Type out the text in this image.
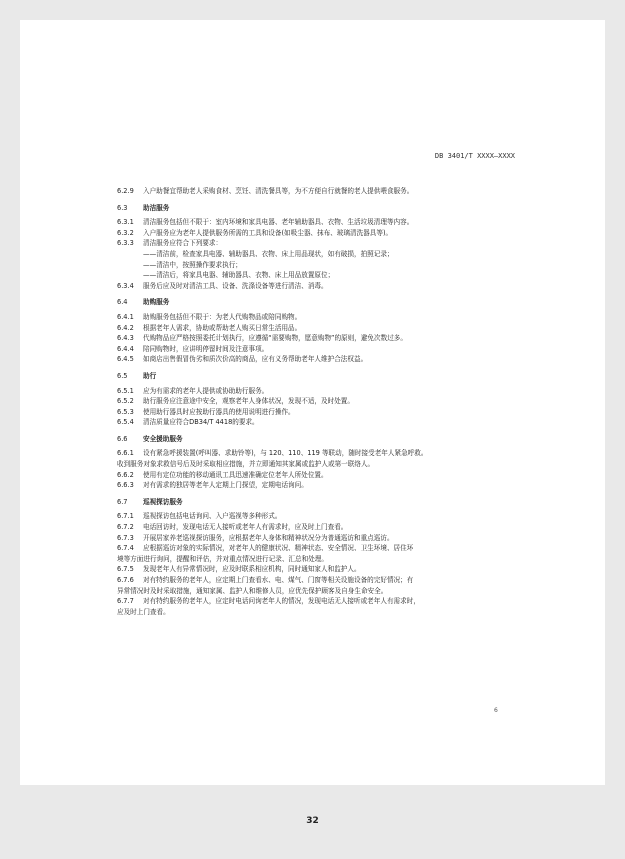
DB 3401/T XXXX—XXXX
6.2.9	入户助餐宜帮助老人采购食材、烹饪、清洗餐具等，为不方便自行就餐的老人提供喂食服务。
6.3	助洁服务
6.3.1	清洁服务包括但不限于：室内环境和家具电器、老年辅助器具、衣物、生活垃圾清理等内容。
6.3.2	入户服务应为老年人提供服务所需的工具和设备(如吸尘器、抹布、玻璃清洗器具等)。
6.3.3	清洁服务应符合下列要求：
——清洁前，检查家具电器、辅助器具、衣物、床上用品现状，如有破损，拍照记录；
——清洁中，按照操作要求执行；
——清洁后，将家具电器、辅助器具、衣物、床上用品放置原位；
6.3.4	服务后应及时对清洁工具、设备、洗涤设备等进行清洁、消毒。
6.4	助购服务
6.4.1	助购服务包括但不限于：为老人代购物品或陪同购物。
6.4.2	根据老年人需求，协助或帮助老人购买日常生活用品。
6.4.3	代购物品应严格按照委托计划执行，应遵循“需要购物，愿意购物”的原则，避免次数过多。
6.4.4	陪同购物时，应讲明停留时间及注意事项。
6.4.5	如商店出售假冒伪劣和质次价高的商品，应有义务帮助老年人维护合法权益。
6.5	助行
6.5.1	应为有需求的老年人提供或协助助行服务。
6.5.2	助行服务应注意途中安全，观察老年人身体状况，发现不适，及时处置。
6.5.3	使用助行器具时应按助行器具的使用说明进行操作。
6.5.4	清洁质量应符合DB34/T 4418的要求。
6.6	安全援助服务
6.6.1	设有紧急呼援装置(呼叫器、求助铃等)，与 120、110、119 等联动，随时接受老年人紧急呼救。
收到服务对象求救信号后及时采取相应措施，并立即通知其家属或监护人或第一联络人。
6.6.2	使用有定位功能的移动通讯工具迅速准确定位老年人所处位置。
6.6.3	对有需求的独居等老年人定期上门探望，定期电话询问。
6.7	巡视探访服务
6.7.1	巡视探访包括电话询问、入户巡视等多种形式。
6.7.2	电话回访时，发现电话无人接听或老年人有需求时，应及时上门查看。
6.7.3	开展居家养老巡视探访服务，应根据老年人身体和精神状况分为普通巡访和重点巡访。
6.7.4	应根据巡访对象的实际情况，对老年人的健康状况、精神状态、安全情况、卫生环境、居住环
境等方面进行询问，提醒和评估，并对重点情况进行记录、汇总和处理。
6.7.5	发现老年人有异常情况时，应及时联系相应机构，同时通知家人和监护人。
6.7.6	对有特约服务的老年人，应定期上门查看水、电、煤气、门窗等相关设施设备的完好情况；有
异常情况时及时采取措施，通知家属、监护人和维修人员，应优先保护顾客及自身生命安全。
6.7.7	对有特约服务的老年人，应定时电话问询老年人的情况，发现电话无人接听或老年人有需求时，
应及时上门查看。
6
32
